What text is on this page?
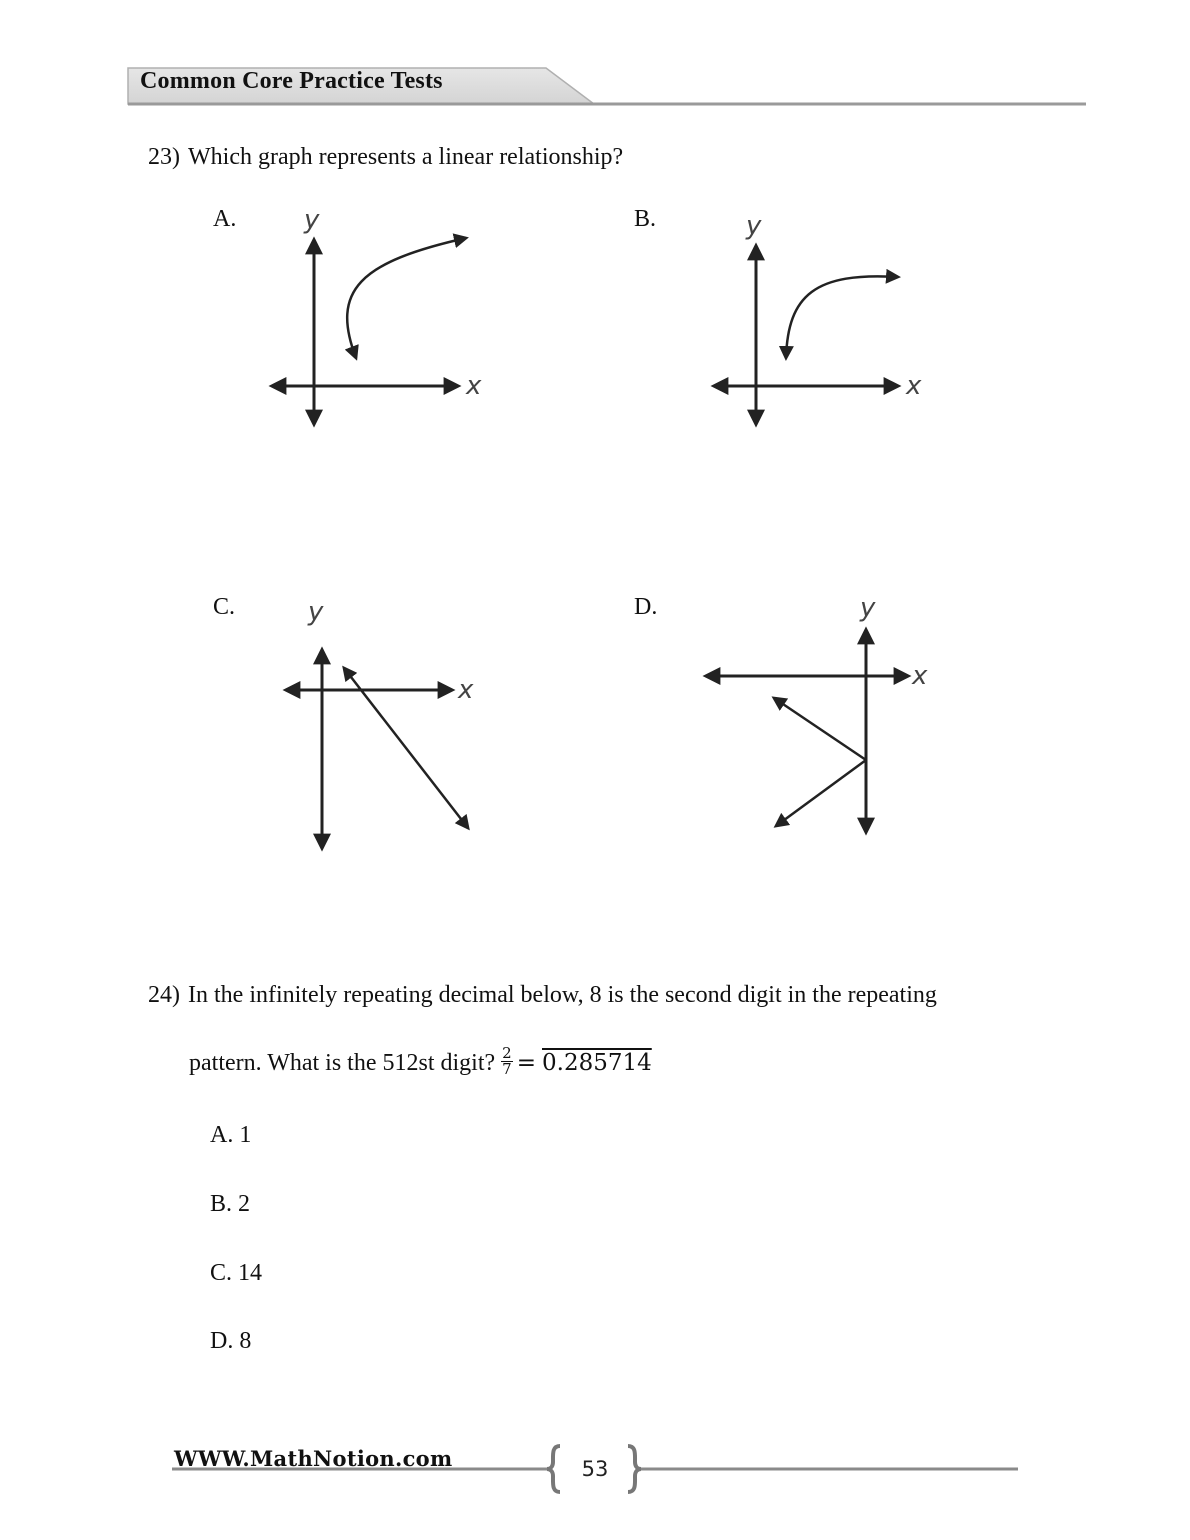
Common Core Practice Tests
23) Which graph represents a linear relationship?
A.	B.
C.	D.
y
x
y
x
y
x
y
x
24) In the infinitely repeating decimal below, 8 is the second digit in the repeating
pattern. What is the 512st digit? $\frac{2}{7} = 0.285714$
A. 1
B. 2
C. 14
D. 8
WWW.MathNotion.com	53
